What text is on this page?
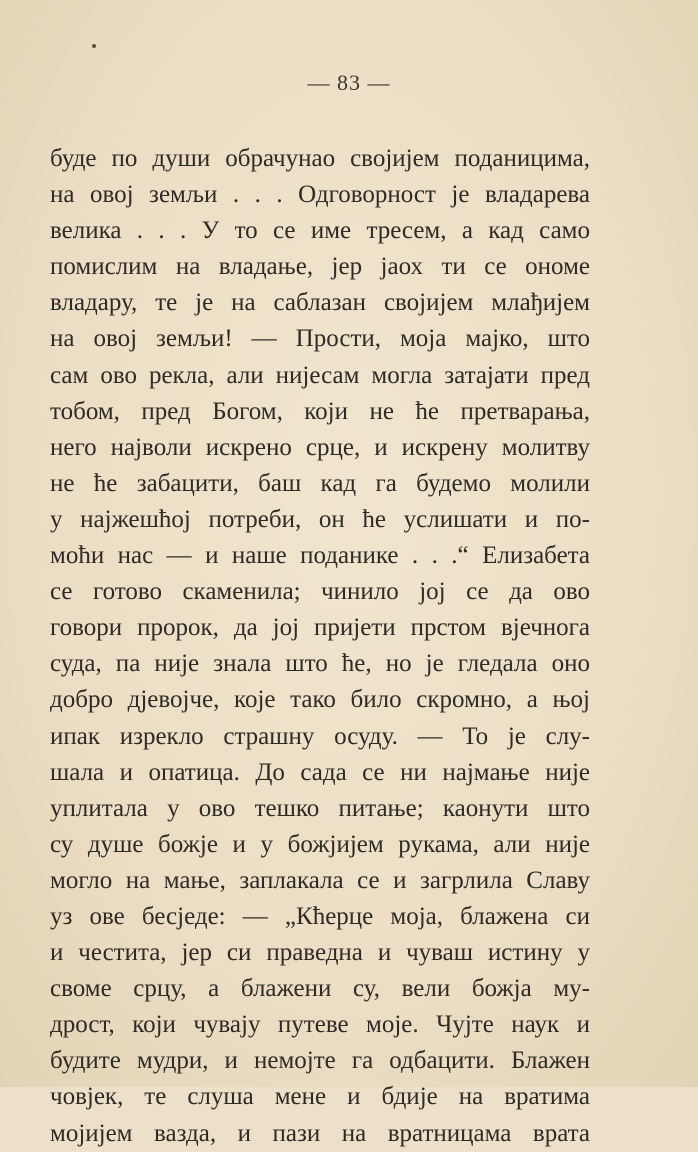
— 83 —
буде по души обрачунао својијем поданицима,
на овој земљи . . . Одговорност је владарева
велика . . . У то се име тресем, а кад само
помислим на владање, јер јаох ти се ономе
владару, те је на саблазан својијем млађијем
на овој земљи! — Прости, моја мајко, што
сам ово рекла, али нијесам могла затајати пред
тобом, пред Богом, који не ће претварања,
него најволи искрено срце, и искрену молитву
не ће забацити, баш кад га будемо молили
у најжешћој потреби, он ће услишати и по-
моћи нас — и наше поданике . . .“ Елизабета
се готово скаменила; чинило јој се да ово
говори пророк, да јој пријети прстом вјечнога
суда, па није знала што ће, но је гледала оно
добро дјевојче, које тако било скромно, а њој
ипак изрекло страшну осуду. — То је слу-
шала и опатица. До сада се ни најмање није
уплитала у ово тешко питање; каонути што
су душе божје и у божјијем рукама, али није
могло на мање, заплакала се и загрлила Славу
уз ове бесједе: — „Кћерце моја, блажена си
и честита, јер си праведна и чуваш истину у
своме срцу, а блажени су, вели божја му-
дрост, који чувају путеве моје. Чујте наук и
будите мудри, и немојте га одбацити. Блажен
човјек, те слуша мене и бдије на вратима
мојијем вазда, и пази на вратницама врата
